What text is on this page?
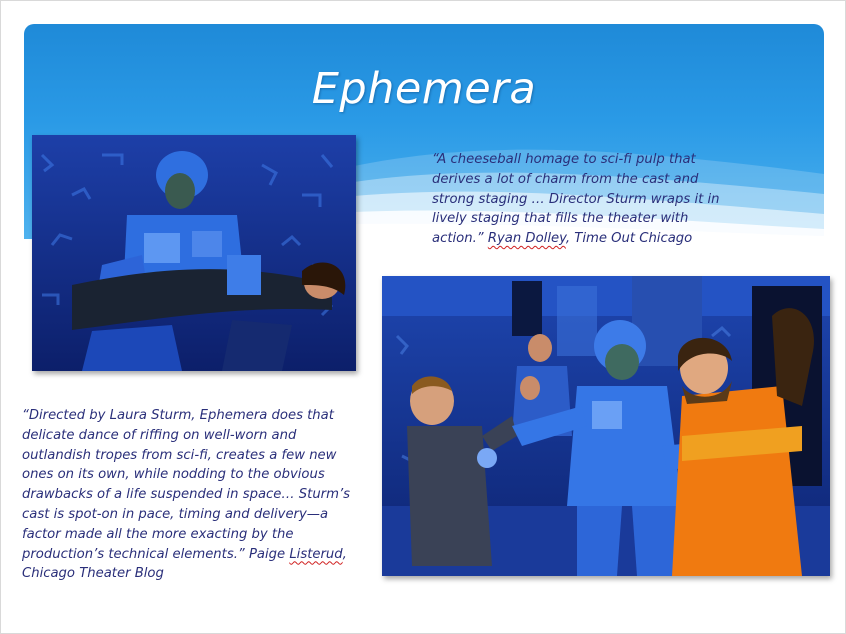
Ephemera
“A cheeseball homage to sci-fi pulp that derives a lot of charm from the cast and strong staging … Director Sturm wraps it in lively staging that fills the theater with action.” Ryan Dolley, Time Out Chicago
“Directed by Laura Sturm, Ephemera does that delicate dance of riffing on well-worn and outlandish tropes from sci-fi, creates a few new ones on its own, while nodding to the obvious drawbacks of a life suspended in space… Sturm’s cast is spot-on in pace, timing and delivery—a factor made all the more exacting by the production’s technical elements.” Paige Listerud, Chicago Theater Blog
